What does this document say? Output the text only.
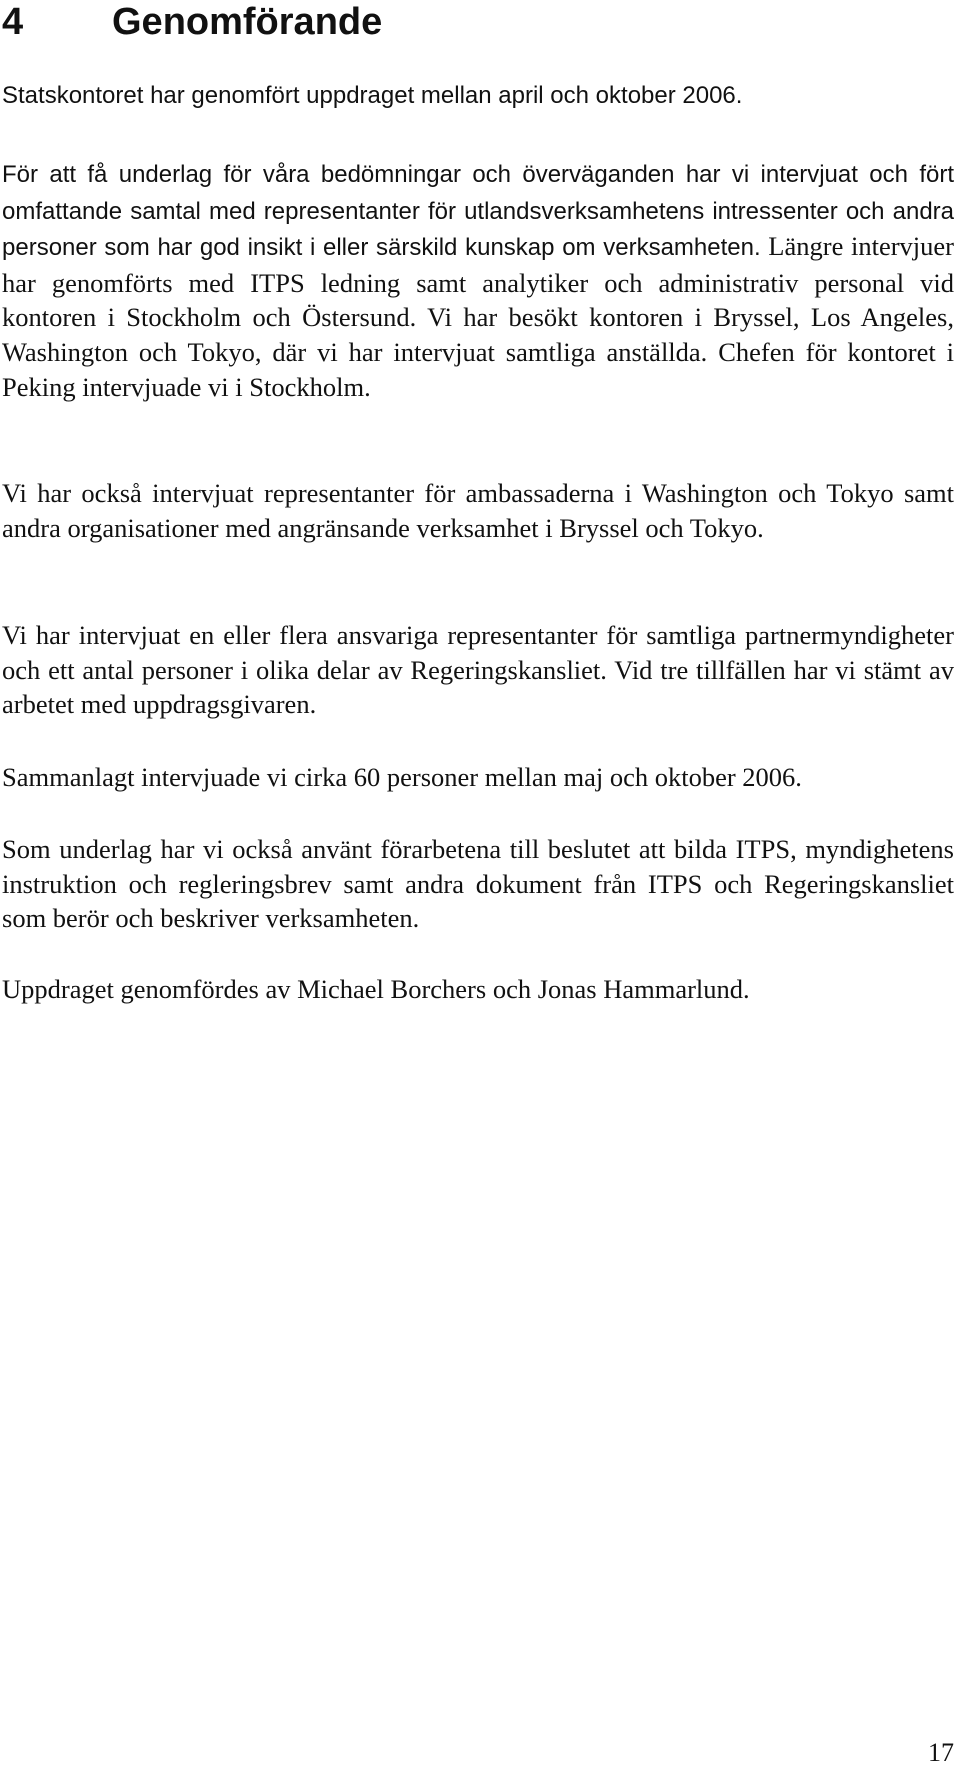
4 Genomförande

Statskontoret har genomfört uppdraget mellan april och oktober 2006.

För att få underlag för våra bedömningar och överväganden har vi intervjuat och fört omfattande samtal med representanter för utlandsverksamhetens intressenter och andra personer som har god insikt i eller särskild kunskap om verksamheten. Längre intervjuer har genomförts med ITPS ledning samt analytiker och administrativ personal vid kontoren i Stockholm och Östersund. Vi har besökt kontoren i Bryssel, Los Angeles, Washington och Tokyo, där vi har intervjuat samtliga anställda. Chefen för kontoret i Peking intervjuade vi i Stockholm.

Vi har också intervjuat representanter för ambassaderna i Washington och Tokyo samt andra organisationer med angränsande verksamhet i Bryssel och Tokyo.

Vi har intervjuat en eller flera ansvariga representanter för samtliga partnermyndigheter och ett antal personer i olika delar av Regeringskansliet. Vid tre tillfällen har vi stämt av arbetet med uppdragsgivaren.

Sammanlagt intervjuade vi cirka 60 personer mellan maj och oktober 2006.

Som underlag har vi också använt förarbetena till beslutet att bilda ITPS, myndighetens instruktion och regleringsbrev samt andra dokument från ITPS och Regeringskansliet som berör och beskriver verksamheten.

Uppdraget genomfördes av Michael Borchers och Jonas Hammarlund.

17
